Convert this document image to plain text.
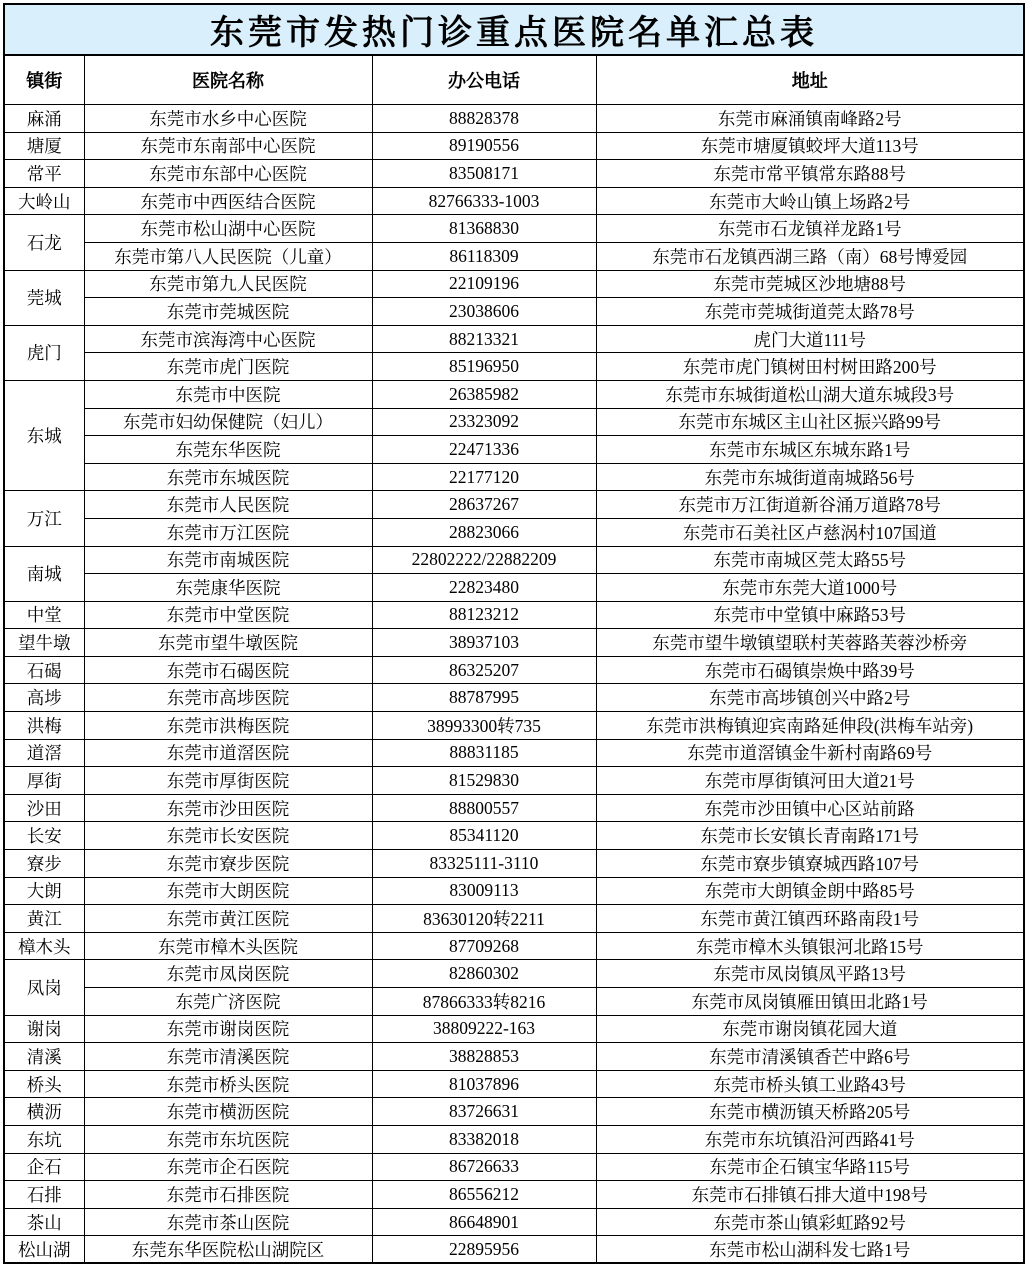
东莞市发热门诊重点医院名单汇总表			
镇街	医院名称	办公电话	地址
麻涌	东莞市水乡中心医院	88828378	东莞市麻涌镇南峰路2号
塘厦	东莞市东南部中心医院	89190556	东莞市塘厦镇蛟坪大道113号
常平	东莞市东部中心医院	83508171	东莞市常平镇常东路88号
大岭山	东莞市中西医结合医院	82766333-1003	东莞市大岭山镇上场路2号
石龙	东莞市松山湖中心医院	81368830	东莞市石龙镇祥龙路1号
	东莞市第八人民医院（儿童）	86118309	东莞市石龙镇西湖三路（南）68号博爱园
莞城	东莞市第九人民医院	22109196	东莞市莞城区沙地塘88号
	东莞市莞城医院	23038606	东莞市莞城街道莞太路78号
虎门	东莞市滨海湾中心医院	88213321	虎门大道111号
	东莞市虎门医院	85196950	东莞市虎门镇树田村树田路200号
东城	东莞市中医院	26385982	东莞市东城街道松山湖大道东城段3号
	东莞市妇幼保健院（妇儿）	23323092	东莞市东城区主山社区振兴路99号
	东莞东华医院	22471336	东莞市东城区东城东路1号
	东莞市东城医院	22177120	东莞市东城街道南城路56号
万江	东莞市人民医院	28637267	东莞市万江街道新谷涌万道路78号
	东莞市万江医院	28823066	东莞市石美社区卢慈涡村107国道
南城	东莞市南城医院	22802222/22882209	东莞市南城区莞太路55号
	东莞康华医院	22823480	东莞市东莞大道1000号
中堂	东莞市中堂医院	88123212	东莞市中堂镇中麻路53号
望牛墩	东莞市望牛墩医院	38937103	东莞市望牛墩镇望联村芙蓉路芙蓉沙桥旁
石碣	东莞市石碣医院	86325207	东莞市石碣镇崇焕中路39号
高埗	东莞市高埗医院	88787995	东莞市高埗镇创兴中路2号
洪梅	东莞市洪梅医院	38993300转735	东莞市洪梅镇迎宾南路延伸段(洪梅车站旁)
道滘	东莞市道滘医院	88831185	东莞市道滘镇金牛新村南路69号
厚街	东莞市厚街医院	81529830	东莞市厚街镇河田大道21号
沙田	东莞市沙田医院	88800557	东莞市沙田镇中心区站前路
长安	东莞市长安医院	85341120	东莞市长安镇长青南路171号
寮步	东莞市寮步医院	83325111-3110	东莞市寮步镇寮城西路107号
大朗	东莞市大朗医院	83009113	东莞市大朗镇金朗中路85号
黄江	东莞市黄江医院	83630120转2211	东莞市黄江镇西环路南段1号
樟木头	东莞市樟木头医院	87709268	东莞市樟木头镇银河北路15号
凤岗	东莞市凤岗医院	82860302	东莞市凤岗镇凤平路13号
	东莞广济医院	87866333转8216	东莞市凤岗镇雁田镇田北路1号
谢岗	东莞市谢岗医院	38809222-163	东莞市谢岗镇花园大道
清溪	东莞市清溪医院	38828853	东莞市清溪镇香芒中路6号
桥头	东莞市桥头医院	81037896	东莞市桥头镇工业路43号
横沥	东莞市横沥医院	83726631	东莞市横沥镇天桥路205号
东坑	东莞市东坑医院	83382018	东莞市东坑镇沿河西路41号
企石	东莞市企石医院	86726633	东莞市企石镇宝华路115号
石排	东莞市石排医院	86556212	东莞市石排镇石排大道中198号
茶山	东莞市茶山医院	86648901	东莞市茶山镇彩虹路92号
松山湖	东莞东华医院松山湖院区	22895956	东莞市松山湖科发七路1号
